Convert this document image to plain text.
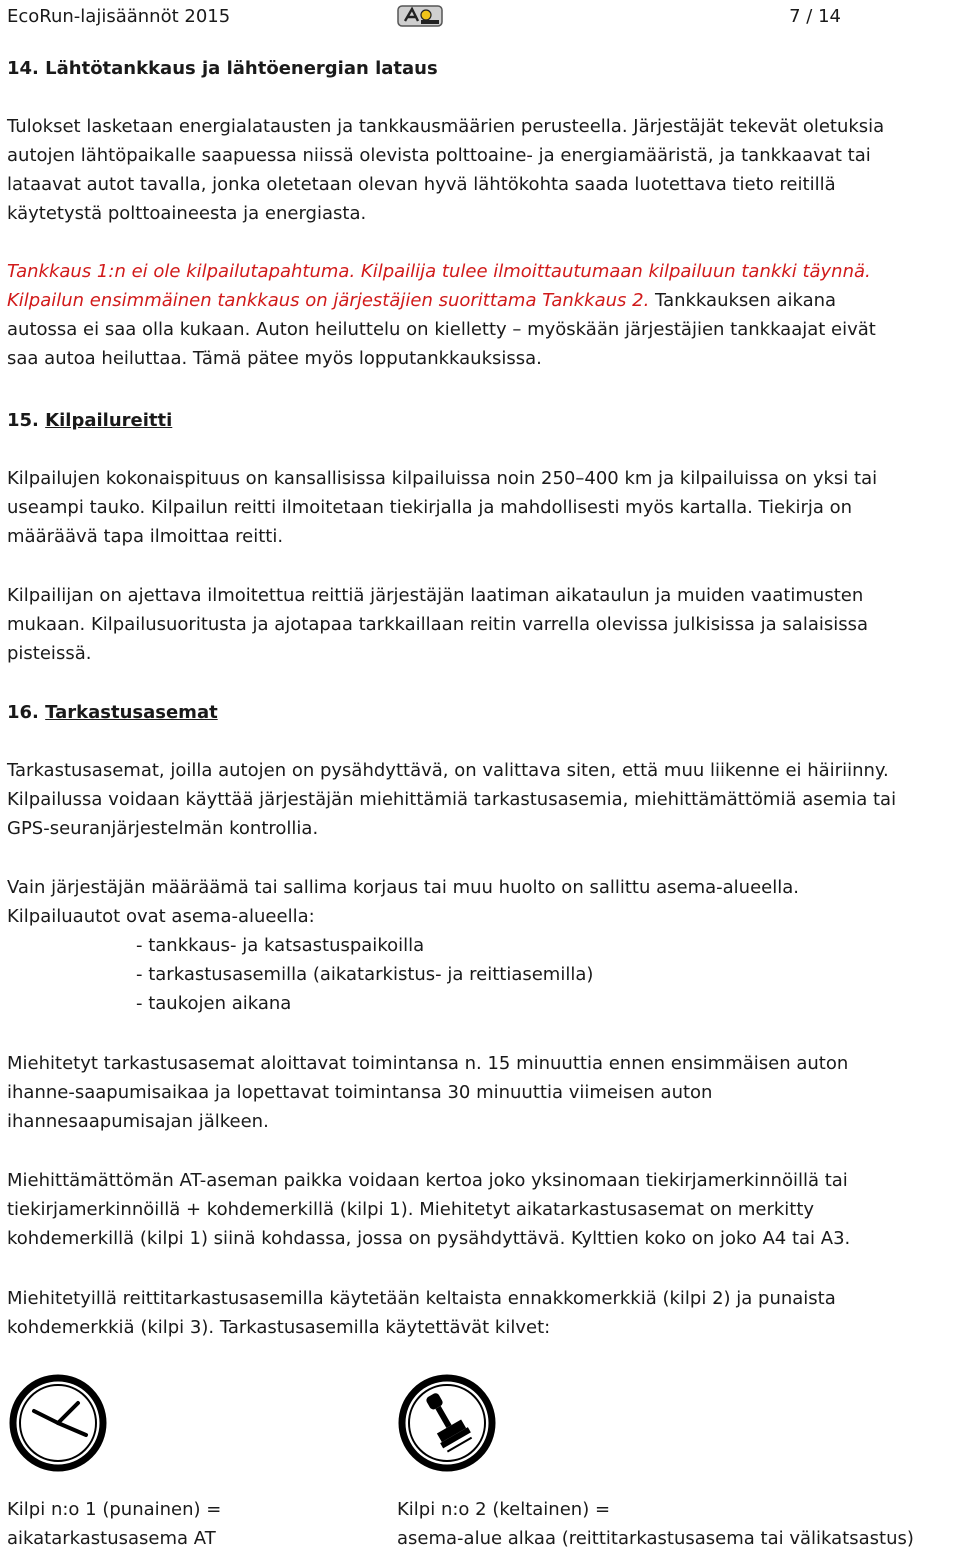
EcoRun-lajisäännöt 2015	7 / 14
14. Lähtötankkaus ja lähtöenergian lataus
Tulokset lasketaan energialatausten ja tankkausmäärien perusteella. Järjestäjät tekevät oletuksia
autojen lähtöpaikalle saapuessa niissä olevista polttoaine- ja energiamääristä, ja tankkaavat tai
lataavat autot tavalla, jonka oletetaan olevan hyvä lähtökohta saada luotettava tieto reitillä
käytetystä polttoaineesta ja energiasta.
Tankkaus 1:n ei ole kilpailutapahtuma. Kilpailija tulee ilmoittautumaan kilpailuun tankki täynnä.
Kilpailun ensimmäinen tankkaus on järjestäjien suorittama Tankkaus 2. Tankkauksen aikana
autossa ei saa olla kukaan. Auton heiluttelu on kielletty – myöskään järjestäjien tankkaajat eivät
saa autoa heiluttaa. Tämä pätee myös lopputankkauksissa.
15. Kilpailureitti
Kilpailujen kokonaispituus on kansallisissa kilpailuissa noin 250–400 km ja kilpailuissa on yksi tai
useampi tauko. Kilpailun reitti ilmoitetaan tiekirjalla ja mahdollisesti myös kartalla. Tiekirja on
määräävä tapa ilmoittaa reitti.
Kilpailijan on ajettava ilmoitettua reittiä järjestäjän laatiman aikataulun ja muiden vaatimusten
mukaan. Kilpailusuoritusta ja ajotapaa tarkkaillaan reitin varrella olevissa julkisissa ja salaisissa
pisteissä.
16. Tarkastusasemat
Tarkastusasemat, joilla autojen on pysähdyttävä, on valittava siten, että muu liikenne ei häiriinny.
Kilpailussa voidaan käyttää järjestäjän miehittämiä tarkastusasemia, miehittämättömiä asemia tai
GPS-seuranjärjestelmän kontrollia.
Vain järjestäjän määräämä tai sallima korjaus tai muu huolto on sallittu asema-alueella.
Kilpailuautot ovat asema-alueella:
- tankkaus- ja katsastuspaikoilla
- tarkastusasemilla (aikatarkistus- ja reittiasemilla)
- taukojen aikana
Miehitetyt tarkastusasemat aloittavat toimintansa n. 15 minuuttia ennen ensimmäisen auton
ihanne-saapumisaikaa ja lopettavat toimintansa 30 minuuttia viimeisen auton
ihannesaapumisajan jälkeen.
Miehittämättömän AT-aseman paikka voidaan kertoa joko yksinomaan tiekirjamerkinnöillä tai
tiekirjamerkinnöillä + kohdemerkillä (kilpi 1). Miehitetyt aikatarkastusasemat on merkitty
kohdemerkillä (kilpi 1) siinä kohdassa, jossa on pysähdyttävä. Kylttien koko on joko A4 tai A3.
Miehitetyillä reittitarkastusasemilla käytetään keltaista ennakkomerkkiä (kilpi 2) ja punaista
kohdemerkkiä (kilpi 3). Tarkastusasemilla käytettävät kilvet:
Kilpi n:o 1 (punainen) =
aikatarkastusasema AT
Kilpi n:o 2 (keltainen) =
asema-alue alkaa (reittitarkastusasema tai välikatsastus)
